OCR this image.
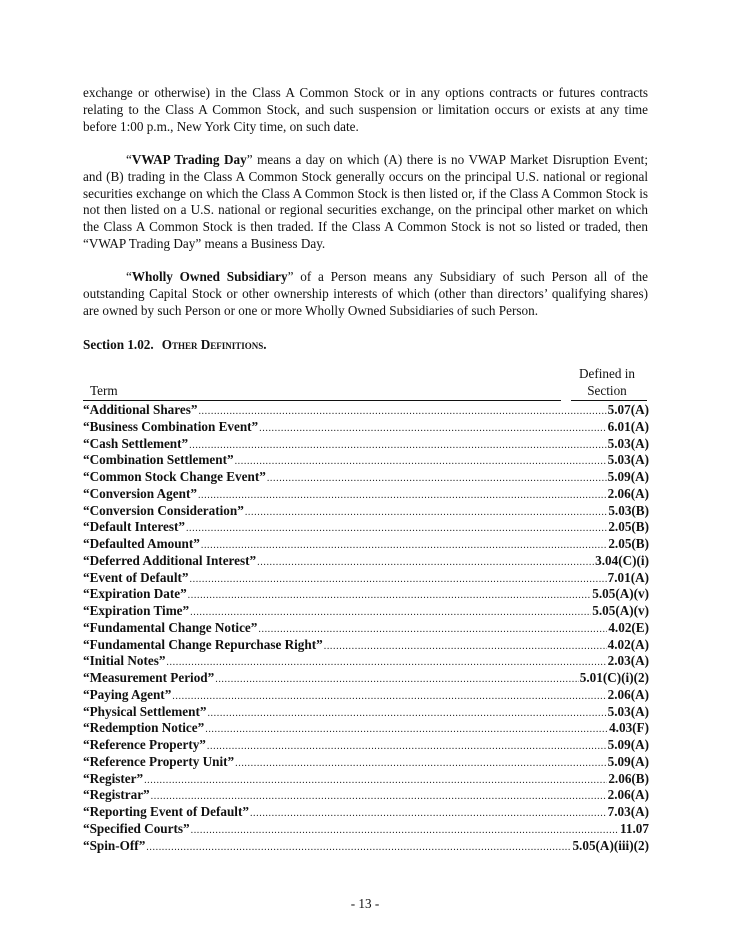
exchange or otherwise) in the Class A Common Stock or in any options contracts or futures contracts relating to the Class A Common Stock, and such suspension or limitation occurs or exists at any time before 1:00 p.m., New York City time, on such date.

“VWAP Trading Day” means a day on which (A) there is no VWAP Market Disruption Event; and (B) trading in the Class A Common Stock generally occurs on the principal U.S. national or regional securities exchange on which the Class A Common Stock is then listed or, if the Class A Common Stock is not then listed on a U.S. national or regional securities exchange, on the principal other market on which the Class A Common Stock is then traded. If the Class A Common Stock is not so listed or traded, then “VWAP Trading Day” means a Business Day.

“Wholly Owned Subsidiary” of a Person means any Subsidiary of such Person all of the outstanding Capital Stock or other ownership interests of which (other than directors’ qualifying shares) are owned by such Person or one or more Wholly Owned Subsidiaries of such Person.

Section 1.02. Other Definitions.
Term
Defined in
Section
“Additional Shares” .....	5.07(A)
“Business Combination Event” .....	6.01(A)
“Cash Settlement” .....	5.03(A)
“Combination Settlement” .....	5.03(A)
“Common Stock Change Event” .....	5.09(A)
“Conversion Agent” .....	2.06(A)
“Conversion Consideration” .....	5.03(B)
“Default Interest” .....	2.05(B)
“Defaulted Amount” .....	2.05(B)
“Deferred Additional Interest” .....	3.04(C)(i)
“Event of Default” .....	7.01(A)
“Expiration Date” .....	5.05(A)(v)
“Expiration Time” .....	5.05(A)(v)
“Fundamental Change Notice” .....	4.02(E)
“Fundamental Change Repurchase Right” .....	4.02(A)
“Initial Notes” .....	2.03(A)
“Measurement Period” .....	5.01(C)(i)(2)
“Paying Agent” .....	2.06(A)
“Physical Settlement” .....	5.03(A)
“Redemption Notice” .....	4.03(F)
“Reference Property” .....	5.09(A)
“Reference Property Unit” .....	5.09(A)
“Register” .....	2.06(B)
“Registrar” .....	2.06(A)
“Reporting Event of Default” .....	7.03(A)
“Specified Courts” .....	11.07
“Spin-Off” .....	5.05(A)(iii)(2)
- 13 -
